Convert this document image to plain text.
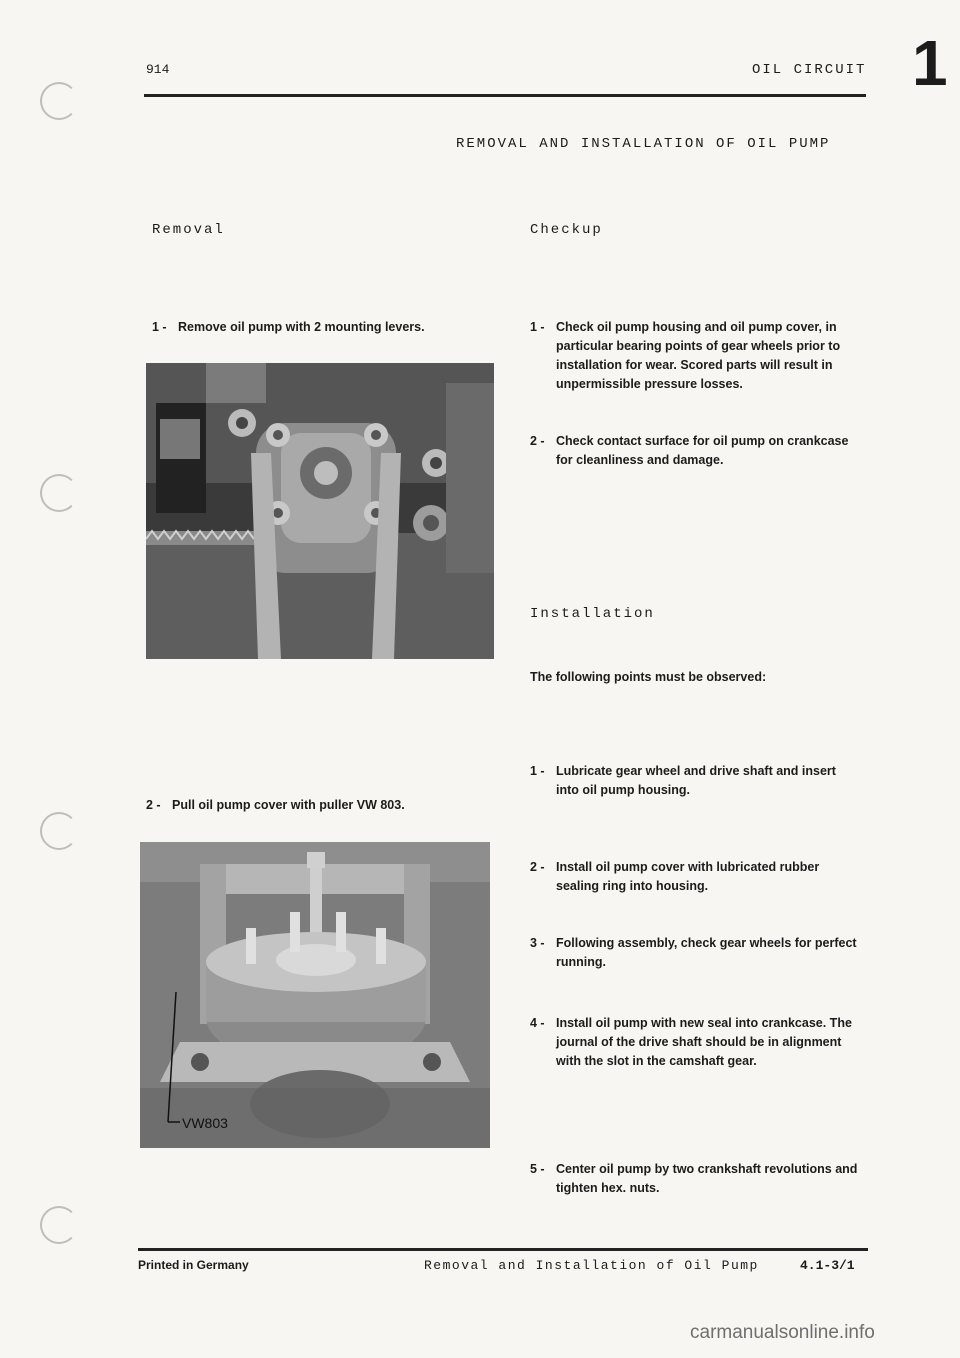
914	OIL CIRCUIT 1
REMOVAL AND INSTALLATION OF OIL PUMP
Removal
1 - Remove oil pump with 2 mounting levers.
2 - Pull oil pump cover with puller VW 803.
VW803
Checkup
1 - Check oil pump housing and oil pump cover, in particular bearing points of gear wheels prior to installation for wear. Scored parts will result in unpermissible pressure losses.
2 - Check contact surface for oil pump on crankcase for cleanliness and damage.
Installation
The following points must be observed:
1 - Lubricate gear wheel and drive shaft and insert into oil pump housing.
2 - Install oil pump cover with lubricated rubber sealing ring into housing.
3 - Following assembly, check gear wheels for perfect running.
4 - Install oil pump with new seal into crankcase. The journal of the drive shaft should be in alignment with the slot in the camshaft gear.
5 - Center oil pump by two crankshaft revolutions and tighten hex. nuts.
Printed in Germany	Removal and Installation of Oil Pump	4.1-3/1
carmanualsonline.info
